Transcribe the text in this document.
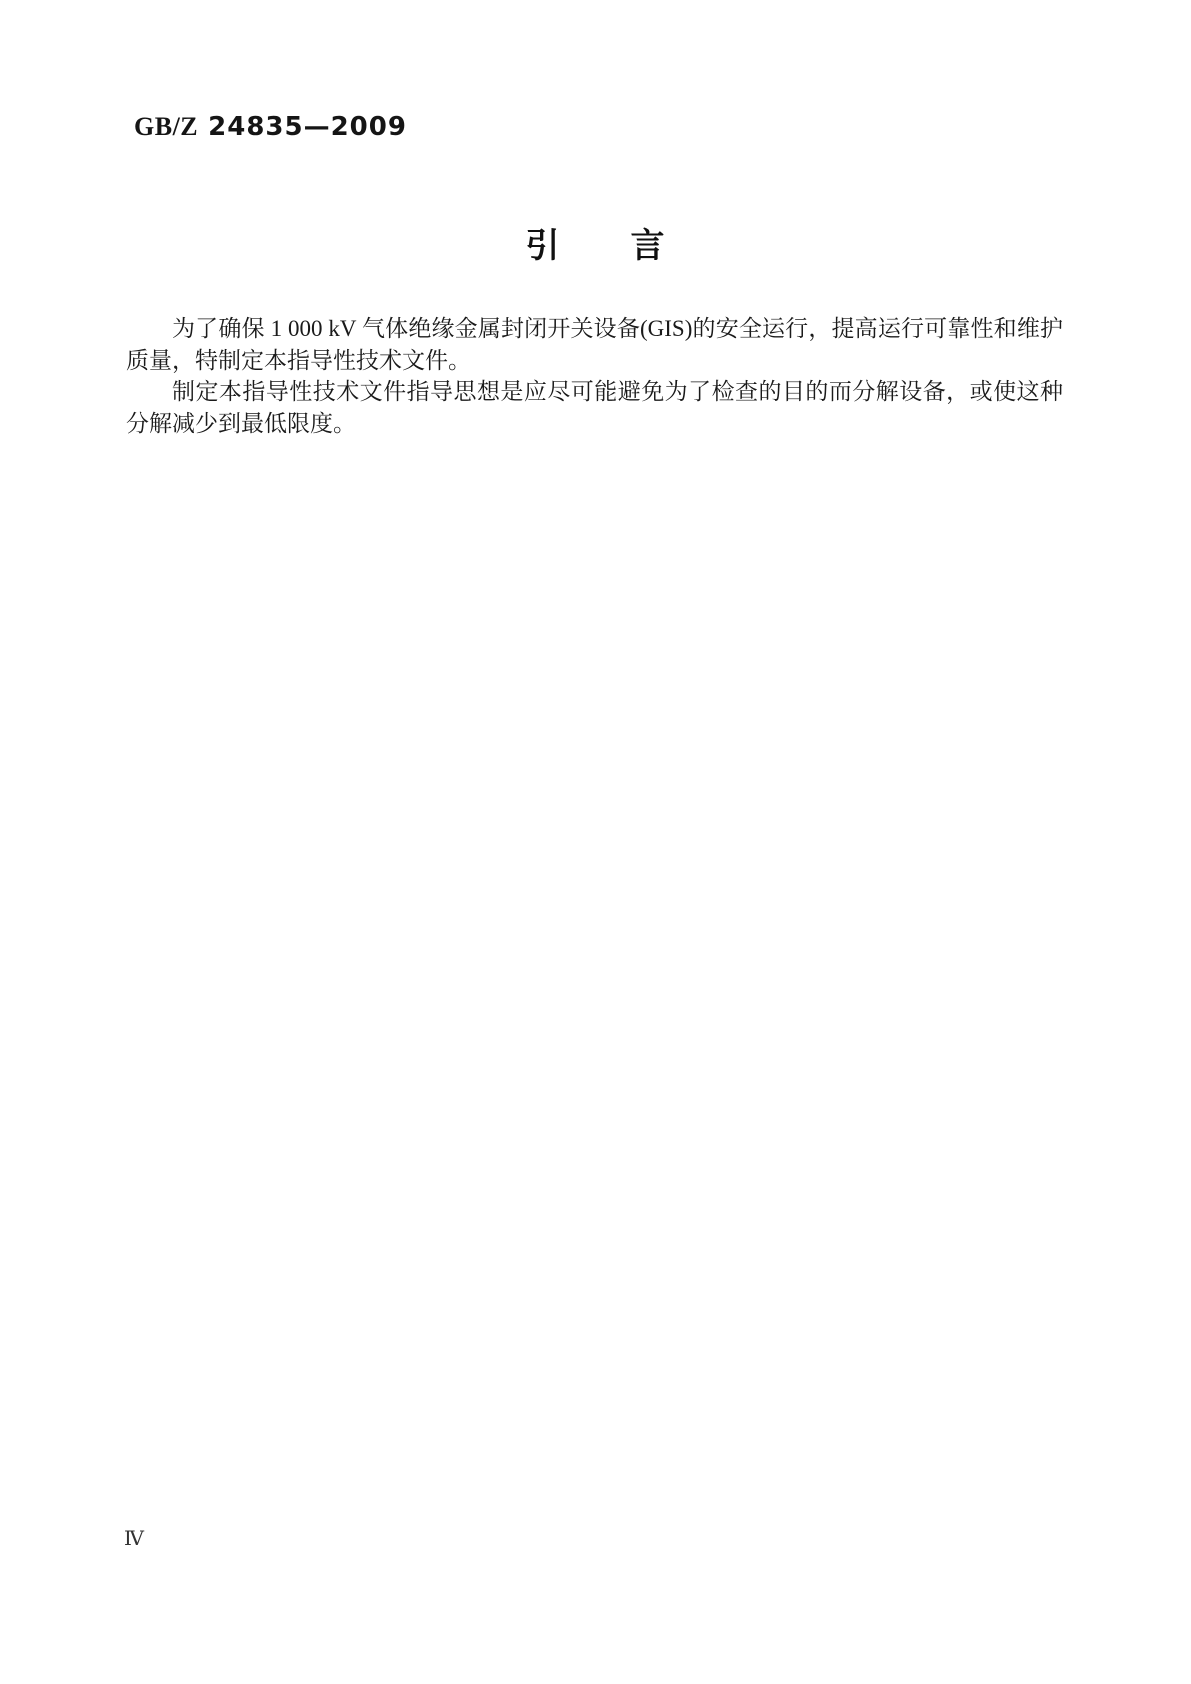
GB/Z 24835—2009
引　　言

为了确保 1 000 kV 气体绝缘金属封闭开关设备(GIS)的安全运行，提高运行可靠性和维护质量，特制定本指导性技术文件。

制定本指导性技术文件指导思想是应尽可能避免为了检查的目的而分解设备，或使这种分解减少到最低限度。

Ⅳ
